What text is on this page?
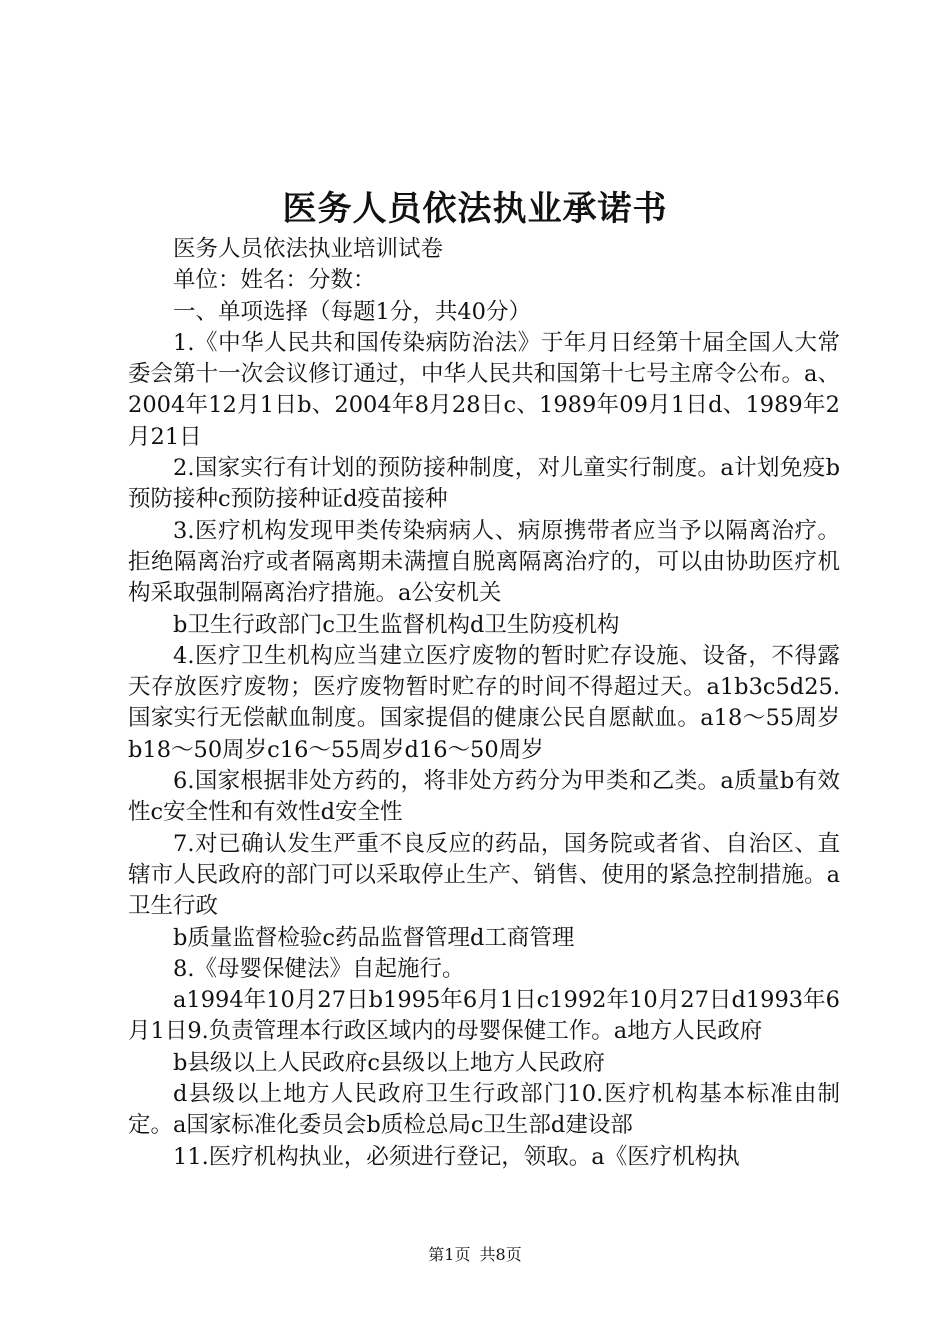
医务人员依法执业承诺书

医务人员依法执业培训试卷

单位：姓名：分数：

一、单项选择（每题1分，共40分）

1.《中华人民共和国传染病防治法》于年月日经第十届全国人大常委会第十一次会议修订通过，中华人民共和国第十七号主席令公布。a、2004年12月1日b、2004年8月28日c、1989年09月1日d、1989年2月21日

2.国家实行有计划的预防接种制度，对儿童实行制度。a计划免疫b预防接种c预防接种证d疫苗接种

3.医疗机构发现甲类传染病病人、病原携带者应当予以隔离治疗。拒绝隔离治疗或者隔离期未满擅自脱离隔离治疗的，可以由协助医疗机构采取强制隔离治疗措施。a公安机关

b卫生行政部门c卫生监督机构d卫生防疫机构

4.医疗卫生机构应当建立医疗废物的暂时贮存设施、设备，不得露天存放医疗废物；医疗废物暂时贮存的时间不得超过天。a1b3c5d25.国家实行无偿献血制度。国家提倡的健康公民自愿献血。a18～55周岁b18～50周岁c16～55周岁d16～50周岁

6.国家根据非处方药的，将非处方药分为甲类和乙类。a质量b有效性c安全性和有效性d安全性

7.对已确认发生严重不良反应的药品，国务院或者省、自治区、直辖市人民政府的部门可以采取停止生产、销售、使用的紧急控制措施。a卫生行政

b质量监督检验c药品监督管理d工商管理

8.《母婴保健法》自起施行。

a1994年10月27日b1995年6月1日c1992年10月27日d1993年6月1日9.负责管理本行政区域内的母婴保健工作。a地方人民政府

b县级以上人民政府c县级以上地方人民政府

d县级以上地方人民政府卫生行政部门10.医疗机构基本标准由制定。a国家标准化委员会b质检总局c卫生部d建设部

11.医疗机构执业，必须进行登记，领取。a《医疗机构执

第1页 共8页
